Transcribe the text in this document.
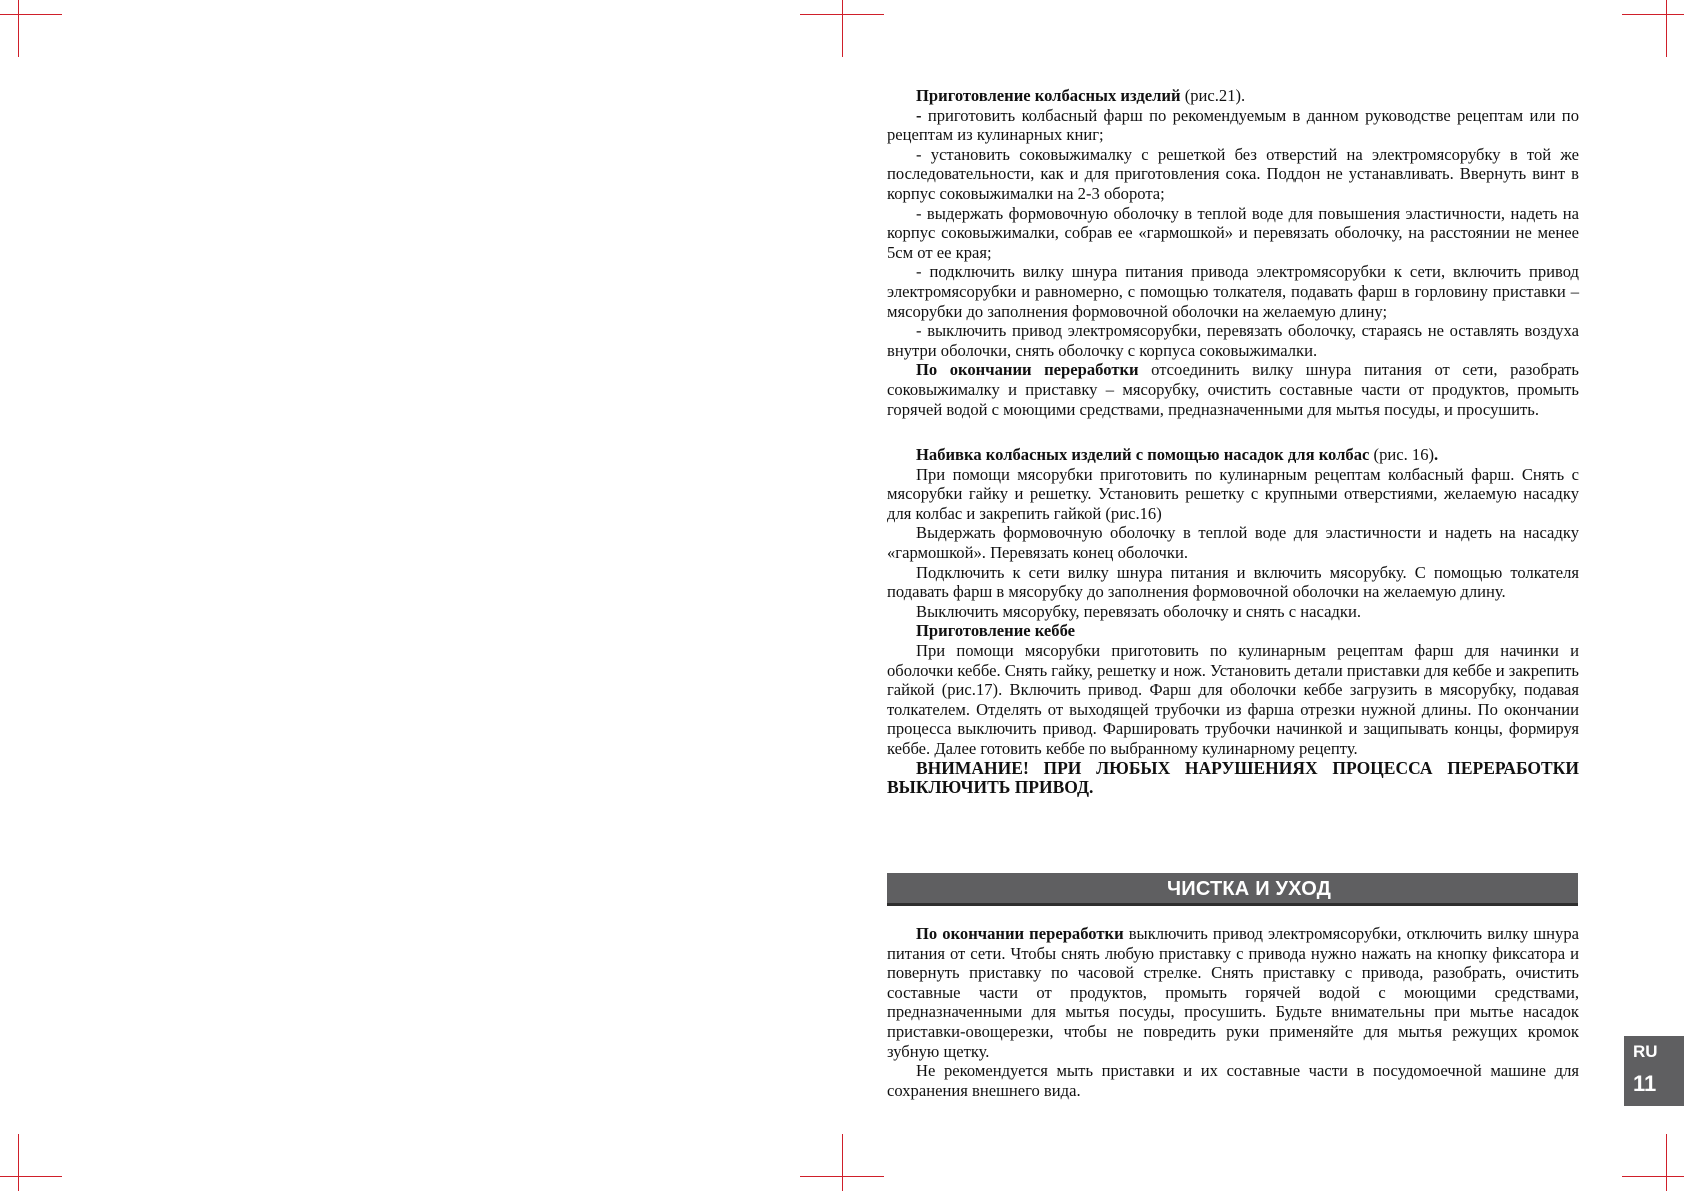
Приготовление колбасных изделий (рис.21).

- приготовить колбасный фарш по рекомендуемым в данном руководстве рецептам или по рецептам из кулинарных книг;

- установить соковыжималку с решеткой без отверстий на электромясорубку в той же последовательности, как и для приготовления сока. Поддон не устанавливать. Ввернуть винт в корпус соковыжималки на 2-3 оборота;

- выдержать формовочную оболочку в теплой воде для повышения эластичности, надеть на корпус соковыжималки, собрав ее «гармошкой» и перевязать оболочку, на расстоянии не менее 5см от ее края;

- подключить вилку шнура питания привода электромясорубки к сети, включить привод электромясорубки и равномерно, с помощью толкателя, подавать фарш в горловину приставки – мясорубки до заполнения формовочной оболочки на желаемую длину;

- выключить привод электромясорубки, перевязать оболочку, стараясь не оставлять воздуха внутри оболочки, снять оболочку с корпуса соковыжималки.

По окончании переработки отсоединить вилку шнура питания от сети, разобрать соковыжималку и приставку – мясорубку, очистить составные части от продуктов, промыть горячей водой с моющими средствами, предназначенными для мытья посуды, и просушить.

Набивка колбасных изделий с помощью насадок для колбас (рис. 16).

При помощи мясорубки приготовить по кулинарным рецептам колбасный фарш. Снять с мясорубки гайку и решетку. Установить решетку с крупными отверстиями, желаемую насадку для колбас и закрепить гайкой (рис.16)

Выдержать формовочную оболочку в теплой воде для эластичности и надеть на насадку «гармошкой». Перевязать конец оболочки.

Подключить к сети вилку шнура питания и включить мясорубку. С помощью толкателя подавать фарш в мясорубку до заполнения формовочной оболочки на желаемую длину.

Выключить мясорубку, перевязать оболочку и снять с насадки.

Приготовление кеббе

При помощи мясорубки приготовить по кулинарным рецептам фарш для начинки и оболочки кеббе. Снять гайку, решетку и нож. Установить детали приставки для кеббе и закрепить гайкой (рис.17). Включить привод. Фарш для оболочки кеббе загрузить в мясорубку, подавая толкателем. Отделять от выходящей трубочки из фарша отрезки нужной длины. По окончании процесса выключить привод. Фаршировать трубочки начинкой и защипывать концы, формируя кеббе. Далее готовить кеббе по выбранному кулинарному рецепту.

ВНИМАНИЕ! ПРИ ЛЮБЫХ НАРУШЕНИЯХ ПРОЦЕССА ПЕРЕРАБОТКИ ВЫКЛЮЧИТЬ ПРИВОД.

ЧИСТКА И УХОД

По окончании переработки выключить привод электромясорубки, отключить вилку шнура питания от сети. Чтобы снять любую приставку с привода нужно нажать на кнопку фиксатора и повернуть приставку по часовой стрелке. Снять приставку с привода, разобрать, очистить составные части от продуктов, промыть горячей водой с моющими средствами, предназначенными для мытья посуды, просушить. Будьте внимательны при мытье насадок приставки-овощерезки, чтобы не повредить руки применяйте для мытья режущих кромок зубную щетку.

Не рекомендуется мыть приставки и их составные части в посудомоечной машине для сохранения внешнего вида.

RU
11
